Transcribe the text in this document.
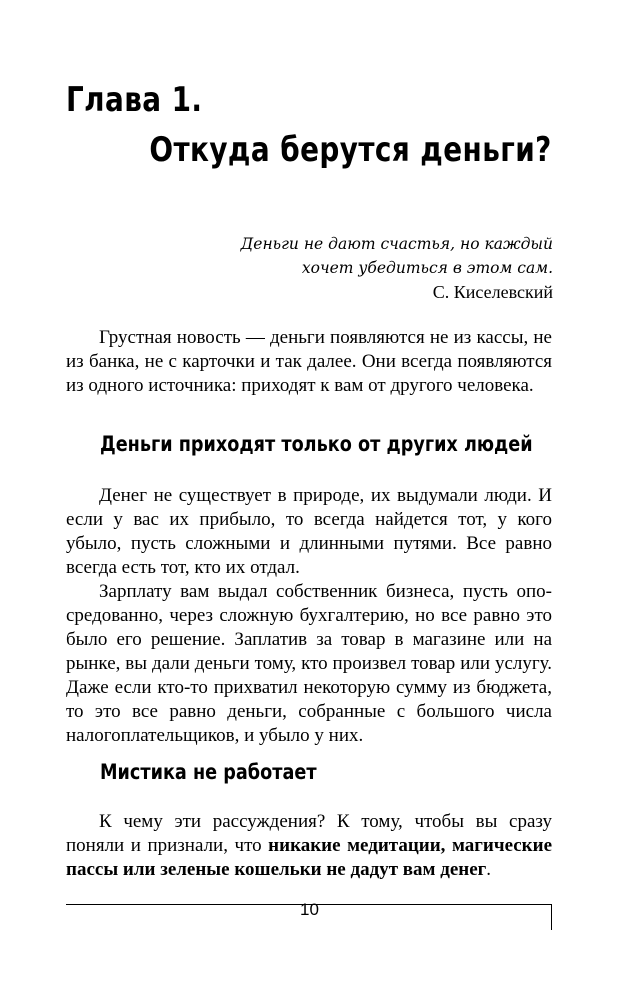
Глава 1.
Откуда берутся деньги?
Деньги не дают счастья, но каждый
хочет убедиться в этом сам.
С. Киселевский

Грустная новость — деньги появляются не из кассы, не из банка, не с карточки и так далее. Они всегда появляются из одного источника: приходят к вам от другого человека.

Деньги приходят только от других людей

Денег не существует в природе, их выдумали люди. И если у вас их прибыло, то всегда найдется тот, у кого убыло, пусть сложными и длинными путями. Все равно всегда есть тот, кто их отдал.

Зарплату вам выдал собственник бизнеса, пусть опосредованно, через сложную бухгалтерию, но все равно это было его решение. Заплатив за товар в магазине или на рынке, вы дали деньги тому, кто произвел товар или услугу. Даже если кто-то прихватил некоторую сумму из бюджета, то это все равно деньги, собранные с большого числа налогоплательщиков, и убыло у них.

Мистика не работает

К чему эти рассуждения? К тому, чтобы вы сразу поняли и признали, что никакие медитации, магические пассы или зеленые кошельки не дадут вам денег.

10
